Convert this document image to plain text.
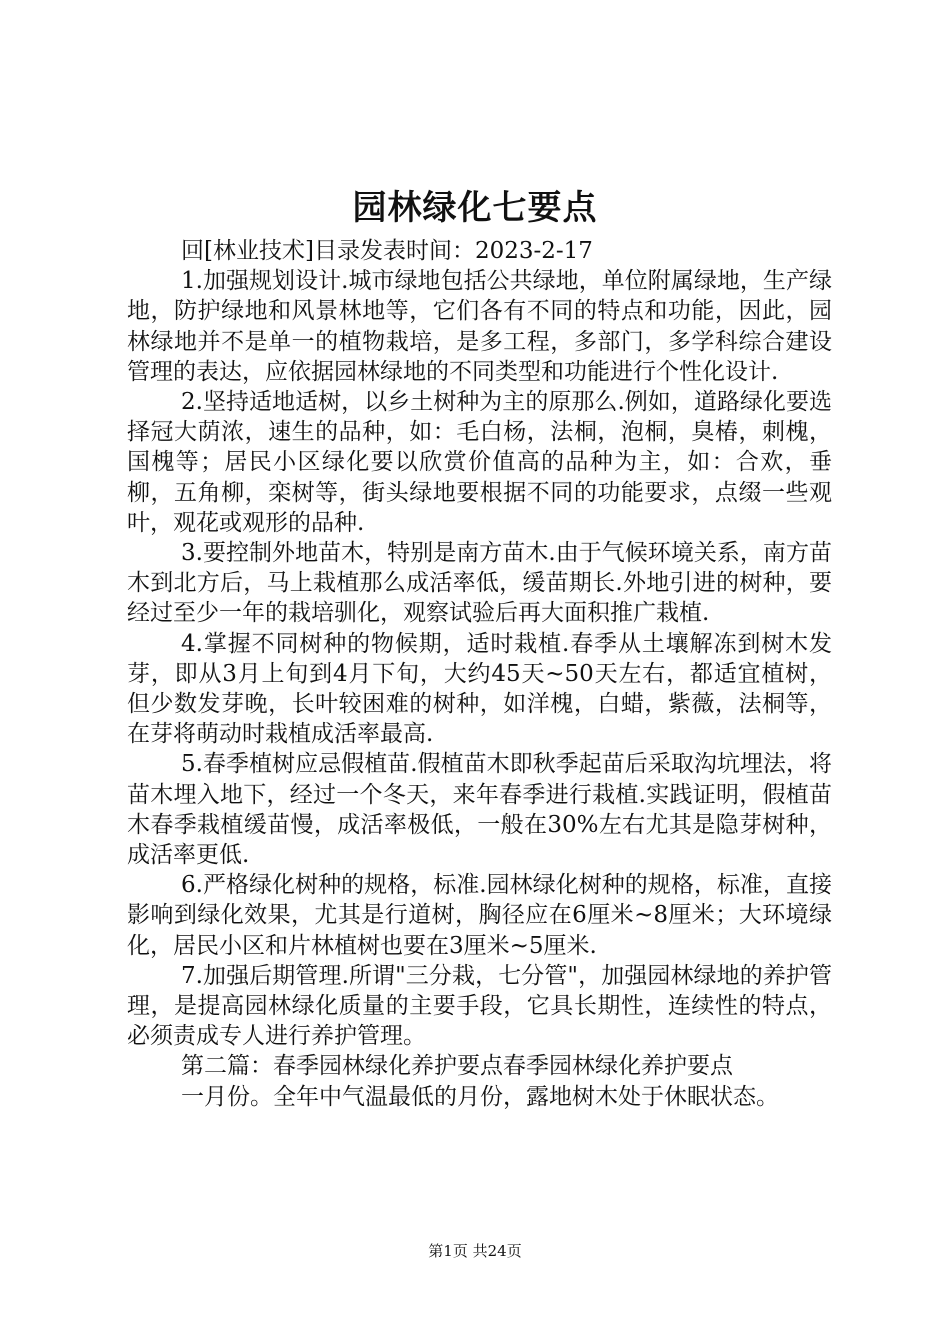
园林绿化七要点

回[林业技术]目录发表时间：2023-2-17

1.加强规划设计.城市绿地包括公共绿地，单位附属绿地，生产绿地，防护绿地和风景林地等，它们各有不同的特点和功能，因此，园林绿地并不是单一的植物栽培，是多工程，多部门，多学科综合建设管理的表达，应依据园林绿地的不同类型和功能进行个性化设计.

2.坚持适地适树，以乡土树种为主的原那么.例如，道路绿化要选择冠大荫浓，速生的品种，如：毛白杨，法桐，泡桐，臭椿，刺槐，国槐等；居民小区绿化要以欣赏价值高的品种为主，如：合欢，垂柳，五角柳，栾树等，街头绿地要根据不同的功能要求，点缀一些观叶，观花或观形的品种.

3.要控制外地苗木，特别是南方苗木.由于气候环境关系，南方苗木到北方后，马上栽植那么成活率低，缓苗期长.外地引进的树种，要经过至少一年的栽培驯化，观察试验后再大面积推广栽植.

4.掌握不同树种的物候期，适时栽植.春季从土壤解冻到树木发芽，即从3月上旬到4月下旬，大约45天~50天左右，都适宜植树，但少数发芽晚，长叶较困难的树种，如洋槐，白蜡，紫薇，法桐等，在芽将萌动时栽植成活率最高.

5.春季植树应忌假植苗.假植苗木即秋季起苗后采取沟坑埋法，将苗木埋入地下，经过一个冬天，来年春季进行栽植.实践证明，假植苗木春季栽植缓苗慢，成活率极低，一般在30%左右尤其是隐芽树种，成活率更低.

6.严格绿化树种的规格，标准.园林绿化树种的规格，标准，直接影响到绿化效果，尤其是行道树，胸径应在6厘米~8厘米；大环境绿化，居民小区和片林植树也要在3厘米~5厘米.

7.加强后期管理.所谓"三分栽，七分管"，加强园林绿地的养护管理，是提高园林绿化质量的主要手段，它具长期性，连续性的特点，必须责成专人进行养护管理。

第二篇：春季园林绿化养护要点春季园林绿化养护要点

一月份。全年中气温最低的月份，露地树木处于休眠状态。

第1页 共24页
